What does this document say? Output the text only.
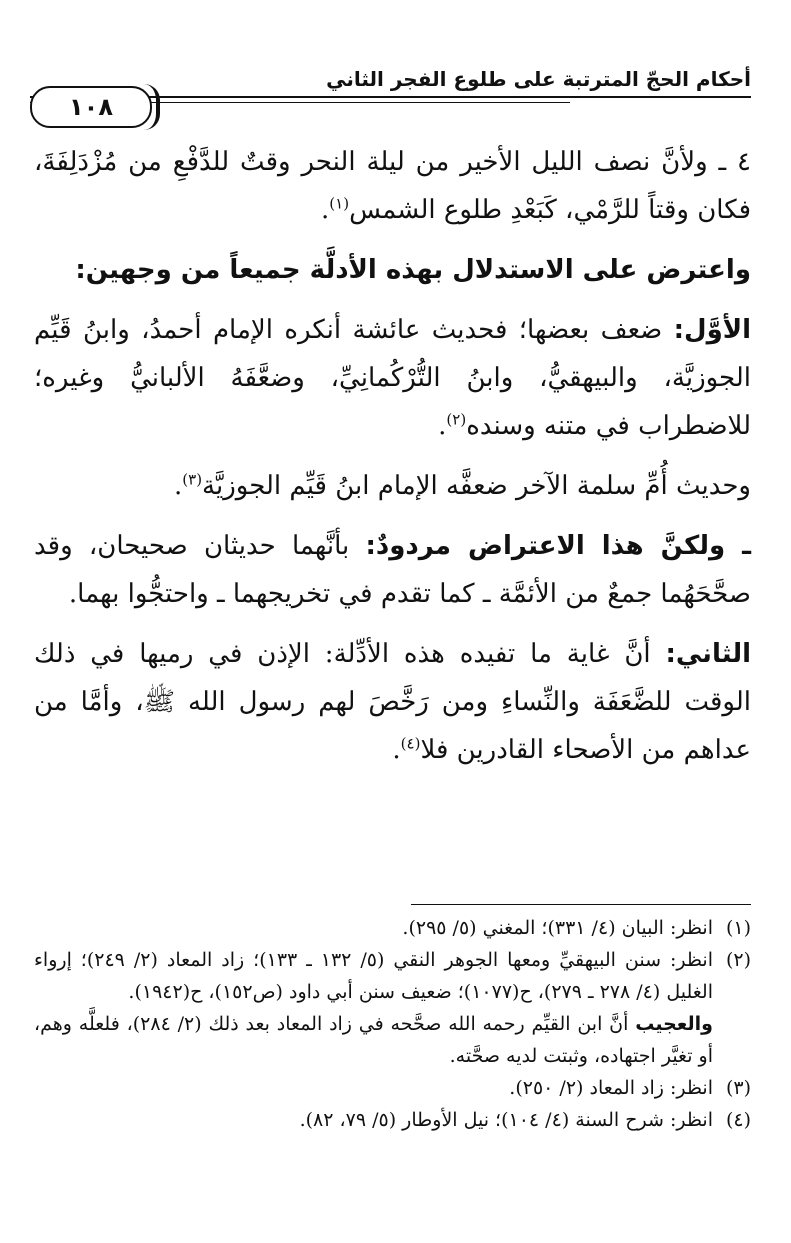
أحكام الحجّ المترتبة على طلوع الفجر الثاني
١٠٨

٤ ـ ولأنَّ نصف الليل الأخير من ليلة النحر وقتٌ للدَّفْعِ من مُزْدَلِفَةَ، فكان وقتاً للرَّمْي، كَبَعْدِ طلوع الشمس$^{(١)}$.

واعترض على الاستدلال بهذه الأدلَّة جميعاً من وجهين:

الأوَّل: ضعف بعضها؛ فحديث عائشة أنكره الإمام أحمدُ، وابنُ قَيِّم الجوزيَّة، والبيهقيُّ، وابنُ التُّرْكُمانِيِّ، وضعَّفَهُ الألبانيُّ وغيره؛ للاضطراب في متنه وسنده$^{(٢)}$.

وحديث أُمِّ سلمة الآخر ضعفَّه الإمام ابنُ قَيِّم الجوزيَّة$^{(٣)}$.

ـ ولكنَّ هذا الاعتراض مردودٌ: بأنَّهما حديثان صحيحان، وقد صحَّحَهُما جمعٌ من الأئمَّة ـ كما تقدم في تخريجهما ـ واحتجُّوا بهما.

الثاني: أنَّ غاية ما تفيده هذه الأدِّلة: الإذن في رميها في ذلك الوقت للضَّعَفَة والنِّساءِ ومن رَخَّصَ لهم رسول الله ﷺ، وأمَّا من عداهم من الأصحاء القادرين فلا$^{(٤)}$.

(١)
انظر: البيان (٤/ ٣٣١)؛ المغني (٥/ ٢٩٥).
(٢)
انظر: سنن البيهقيِّ ومعها الجوهر النقي (٥/ ١٣٢ ـ ١٣٣)؛ زاد المعاد (٢/ ٢٤٩)؛ إرواء الغليل (٤/ ٢٧٨ ـ ٢٧٩)، ح(١٠٧٧)؛ ضعيف سنن أبي داود (ص١٥٢)، ح(١٩٤٢).
والعجيب أنَّ ابن القيِّم رحمه الله صحَّحه في زاد المعاد بعد ذلك (٢/ ٢٨٤)، فلعلَّه وهم، أو تغيَّر اجتهاده، وثبتت لديه صحَّته.
(٣)
انظر: زاد المعاد (٢/ ٢٥٠).
(٤)
انظر: شرح السنة (٤/ ١٠٤)؛ نيل الأوطار (٥/ ٧٩، ٨٢).
